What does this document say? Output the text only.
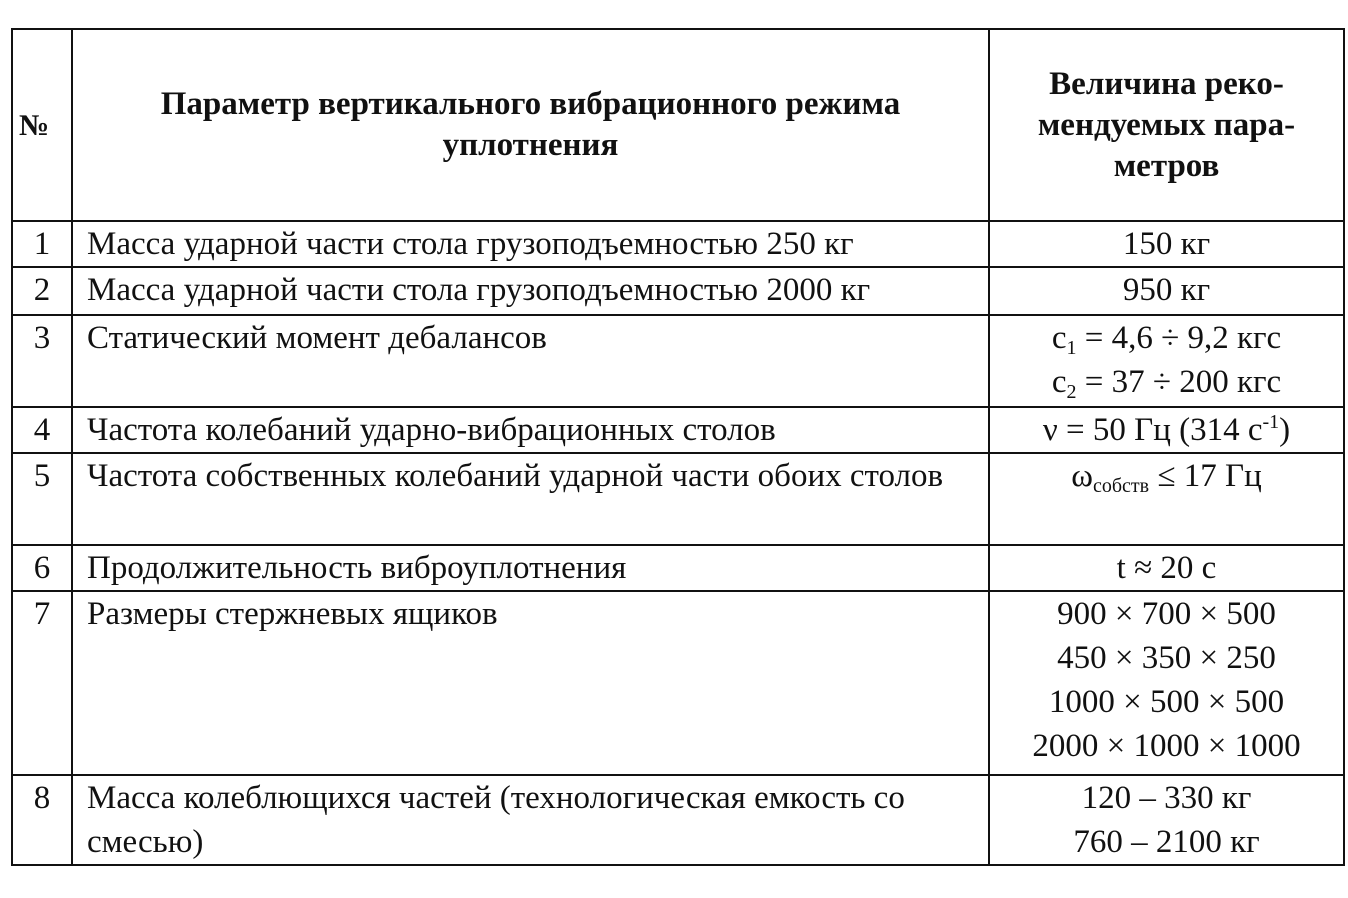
№	Параметр вертикального вибрационного режима уплотнения	Величина реко-
мендуемых пара-
метров

1	Масса ударной части стола грузоподъемностью 250 кг	150 кг
2	Масса ударной части стола грузоподъемностью 2000 кг	950 кг
3	Статический момент дебалансов	$c_1 = 4,6 \div 9,2$ кгс
$c_2 = 37 \div 200$ кгс

4	Частота колебаний ударно-вибрационных столов	ν = 50 Гц (314 $с^{-1}$)
5	Частота собственных колебаний ударной части обоих столов	$\omega_{собств} \le 17$ Гц
6	Продолжительность виброуплотнения	t ≈ 20 с
7	Размеры стержневых ящиков	900 × 700 × 500
450 × 350 × 250
1000 × 500 × 500
2000 × 1000 × 1000

8	Масса колеблющихся частей (технологическая емкость со смесью)	120 – 330 кг
760 – 2100 кг
